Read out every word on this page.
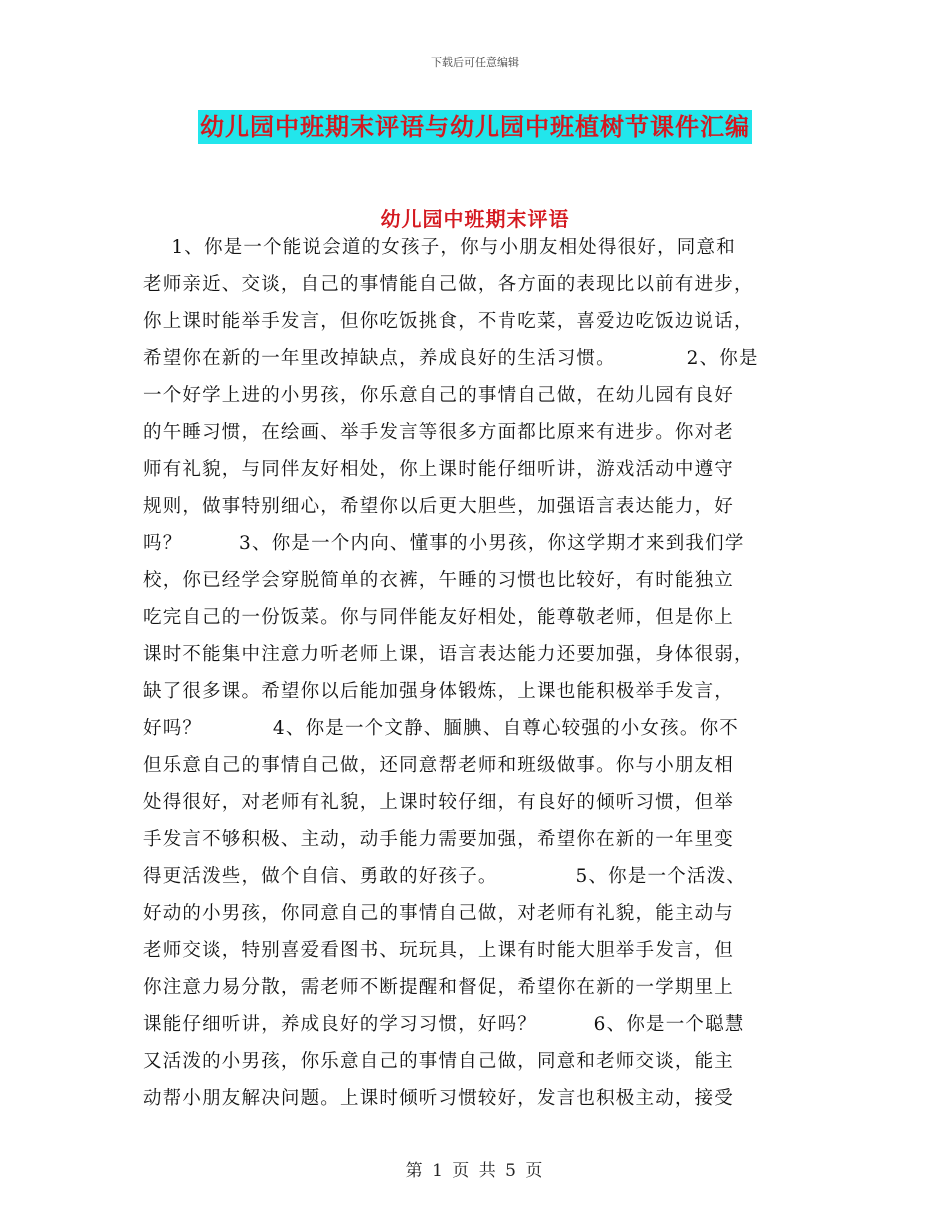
下载后可任意编辑
幼儿园中班期末评语与幼儿园中班植树节课件汇编
幼儿园中班期末评语
1、你是一个能说会道的女孩子，你与小朋友相处得很好，同意和
老师亲近、交谈，自己的事情能自己做，各方面的表现比以前有进步，
你上课时能举手发言，但你吃饭挑食，不肯吃菜，喜爱边吃饭边说话，
希望你在新的一年里改掉缺点，养成良好的生活习惯。          2、你是
一个好学上进的小男孩，你乐意自己的事情自己做，在幼儿园有良好
的午睡习惯，在绘画、举手发言等很多方面都比原来有进步。你对老
师有礼貌，与同伴友好相处，你上课时能仔细听讲，游戏活动中遵守
规则，做事特别细心，希望你以后更大胆些，加强语言表达能力，好
吗？        3、你是一个内向、懂事的小男孩，你这学期才来到我们学
校，你已经学会穿脱简单的衣裤，午睡的习惯也比较好，有时能独立
吃完自己的一份饭菜。你与同伴能友好相处，能尊敬老师，但是你上
课时不能集中注意力听老师上课，语言表达能力还要加强，身体很弱，
缺了很多课。希望你以后能加强身体锻炼，上课也能积极举手发言，
好吗？          4、你是一个文静、腼腆、自尊心较强的小女孩。你不
但乐意自己的事情自己做，还同意帮老师和班级做事。你与小朋友相
处得很好，对老师有礼貌，上课时较仔细，有良好的倾听习惯，但举
手发言不够积极、主动，动手能力需要加强，希望你在新的一年里变
得更活泼些，做个自信、勇敢的好孩子。           5、你是一个活泼、
好动的小男孩，你同意自己的事情自己做，对老师有礼貌，能主动与
老师交谈，特别喜爱看图书、玩玩具，上课有时能大胆举手发言，但
你注意力易分散，需老师不断提醒和督促，希望你在新的一学期里上
课能仔细听讲，养成良好的学习习惯，好吗？        6、你是一个聪慧
又活泼的小男孩，你乐意自己的事情自己做，同意和老师交谈，能主
动帮小朋友解决问题。上课时倾听习惯较好，发言也积极主动，接受
第 1 页 共 5 页
